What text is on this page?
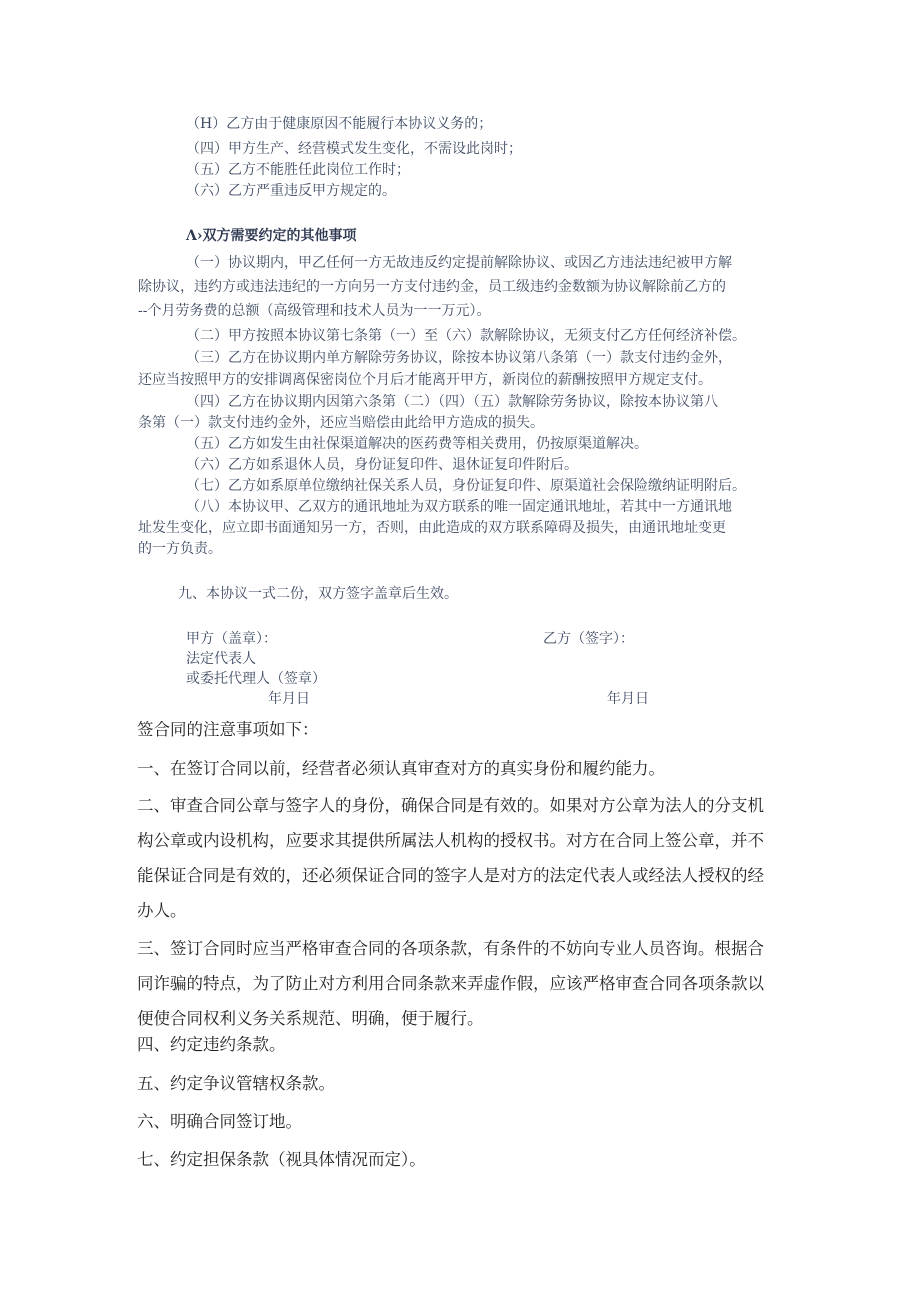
（H）乙方由于健康原因不能履行本协议义务的；
（四）甲方生产、经营模式发生变化，不需设此岗时；
（五）乙方不能胜任此岗位工作时；
（六）乙方严重违反甲方规定的。
Λ›双方需要约定的其他事项
（一）协议期内，甲乙任何一方无故违反约定提前解除协议、或因乙方违法违纪被甲方解
除协议，违约方或违法违纪的一方向另一方支付违约金，员工级违约金数额为协议解除前乙方的
--个月劳务费的总额（高级管理和技术人员为一一万元）。
（二）甲方按照本协议第七条第（一）至（六）款解除协议，无须支付乙方任何经济补偿。
（三）乙方在协议期内单方解除劳务协议，除按本协议第八条第（一）款支付违约金外，
还应当按照甲方的安排调离保密岗位个月后才能离开甲方，新岗位的薪酬按照甲方规定支付。
（四）乙方在协议期内因第六条第（二）（四）（五）款解除劳务协议，除按本协议第八
条第（一）款支付违约金外，还应当赔偿由此给甲方造成的损失。
（五）乙方如发生由社保渠道解决的医药费等相关费用，仍按原渠道解决。
（六）乙方如系退休人员，身份证复印件、退休证复印件附后。
（七）乙方如系原单位缴纳社保关系人员，身份证复印件、原渠道社会保险缴纳证明附后。
（八）本协议甲、乙双方的通讯地址为双方联系的唯一固定通讯地址，若其中一方通讯地
址发生变化，应立即书面通知另一方，否则，由此造成的双方联系障碍及损失，由通讯地址变更
的一方负责。
九、本协议一式二份，双方签字盖章后生效。
甲方（盖章）：	乙方（签字）：
法定代表人
或委托代理人（签章）
年月日	年月日
签合同的注意事项如下：
一、在签订合同以前，经营者必须认真审查对方的真实身份和履约能力。
二、审查合同公章与签字人的身份，确保合同是有效的。如果对方公章为法人的分支机
构公章或内设机构，应要求其提供所属法人机构的授权书。对方在合同上签公章，并不
能保证合同是有效的，还必须保证合同的签字人是对方的法定代表人或经法人授权的经
办人。
三、签订合同时应当严格审查合同的各项条款，有条件的不妨向专业人员咨询。根据合
同诈骗的特点，为了防止对方利用合同条款来弄虚作假，应该严格审查合同各项条款以
便使合同权利义务关系规范、明确，便于履行。
四、约定违约条款。
五、约定争议管辖权条款。
六、明确合同签订地。
七、约定担保条款（视具体情况而定）。
